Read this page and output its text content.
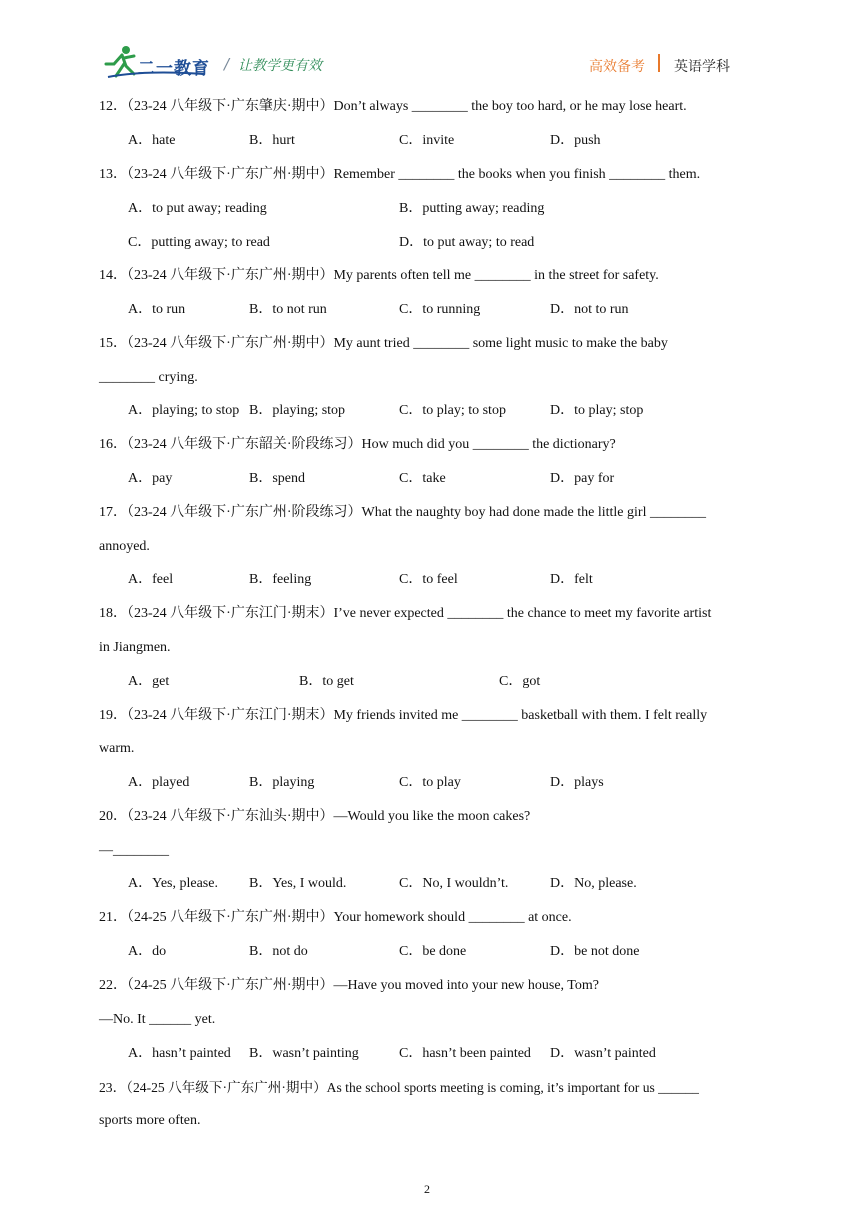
二一教育 / 让教学更有效	高效备考 英语学科
12．（23-24 八年级下·广东肇庆·期中）Don’t always ________ the boy too hard, or he may lose heart.
A．hate	B．hurt	C．invite	D．push
13．（23-24 八年级下·广东广州·期中）Remember ________ the books when you finish ________ them.
A．to put away; reading	B．putting away; reading
C．putting away; to read	D．to put away; to read
14．（23-24 八年级下·广东广州·期中）My parents often tell me ________ in the street for safety.
A．to run	B．to not run	C．to running	D．not to run
15．（23-24 八年级下·广东广州·期中）My aunt tried ________ some light music to make the baby
________ crying.
A．playing; to stop B．playing; stop	C．to play; to stop	D．to play; stop
16．（23-24 八年级下·广东韶关·阶段练习）How much did you ________ the dictionary?
A．pay	B．spend	C．take	D．pay for
17．（23-24 八年级下·广东广州·阶段练习）What the naughty boy had done made the little girl ________
annoyed.
A．feel	B．feeling	C．to feel	D．felt
18．（23-24 八年级下·广东江门·期末）I’ve never expected ________ the chance to meet my favorite artist
in Jiangmen.
A．get	B．to get	C．got
19．（23-24 八年级下·广东江门·期末）My friends invited me ________ basketball with them. I felt really
warm.
A．played	B．playing	C．to play	D．plays
20．（23-24 八年级下·广东汕头·期中）—Would you like the moon cakes?
—________
A．Yes, please. B．Yes, I would.	C．No, I wouldn’t.	D．No, please.
21．（24-25 八年级下·广东广州·期中）Your homework should ________ at once.
A．do	B．not do	C．be done	D．be not done
22．（24-25 八年级下·广东广州·期中）—Have you moved into your new house, Tom?
—No. It ______ yet.
A．hasn’t painted B．wasn’t painting	C．hasn’t been painted D．wasn’t painted
23．（24-25 八年级下·广东广州·期中）As the school sports meeting is coming, it’s important for us ______
sports more often.
2
